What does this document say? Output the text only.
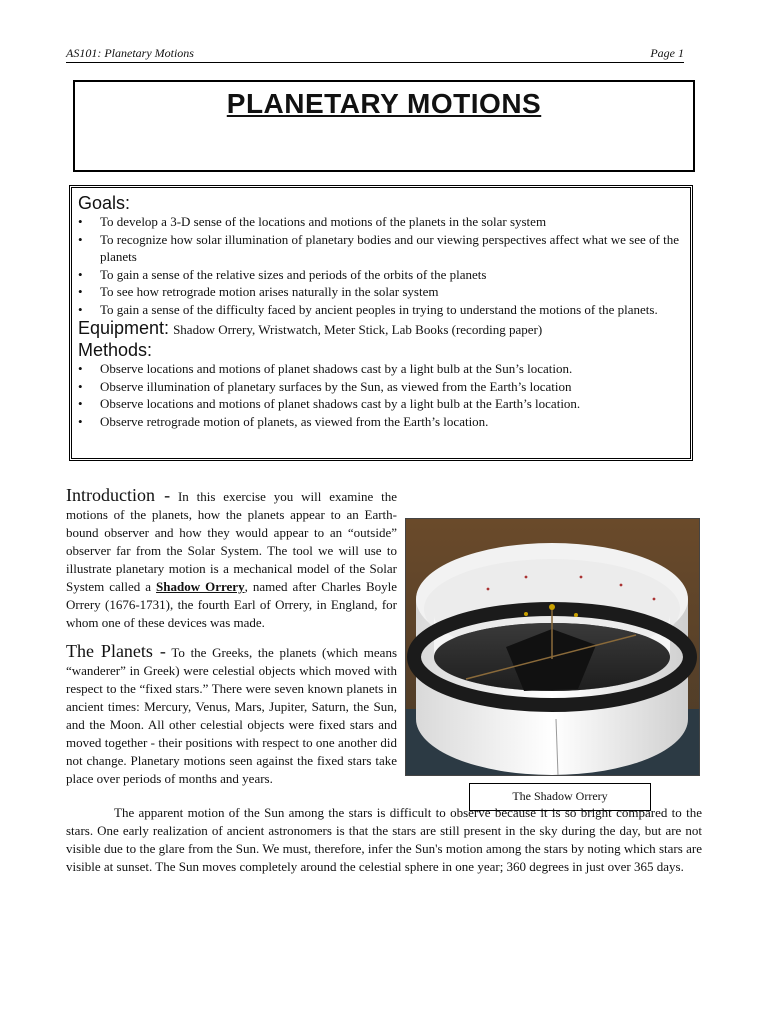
AS101: Planetary Motions	Page 1
PLANETARY MOTIONS
Goals:
• To develop a 3-D sense of the locations and motions of the planets in the solar system
• To recognize how solar illumination of planetary bodies and our viewing perspectives affect what we see of the planets
• To gain a sense of the relative sizes and periods of the orbits of the planets
• To see how retrograde motion arises naturally in the solar system
• To gain a sense of the difficulty faced by ancient peoples in trying to understand the motions of the planets.
Equipment: Shadow Orrery, Wristwatch, Meter Stick, Lab Books (recording paper)
Methods:
• Observe locations and motions of planet shadows cast by a light bulb at the Sun’s location.
• Observe illumination of planetary surfaces by the Sun, as viewed from the Earth’s location
• Observe locations and motions of planet shadows cast by a light bulb at the Earth’s location.
• Observe retrograde motion of planets, as viewed from the Earth’s location.
The Shadow Orrery

Introduction - In this exercise you will examine the motions of the planets, how the planets appear to an Earth-bound observer and how they would appear to an “outside” observer far from the Solar System. The tool we will use to illustrate planetary motion is a mechanical model of the Solar System called a Shadow Orrery, named after Charles Boyle Orrery (1676-1731), the fourth Earl of Orrery, in England, for whom one of these devices was made.

The Planets - To the Greeks, the planets (which means “wanderer” in Greek) were celestial objects which moved with respect to the “fixed stars.” There were seven known planets in ancient times: Mercury, Venus, Mars, Jupiter, Saturn, the Sun, and the Moon. All other celestial objects were fixed stars and moved together - their positions with respect to one another did not change. Planetary motions seen against the fixed stars take place over periods of months and years.

The apparent motion of the Sun among the stars is difficult to observe because it is so bright compared to the stars. One early realization of ancient astronomers is that the stars are still present in the sky during the day, but are not visible due to the glare from the Sun. We must, therefore, infer the Sun's motion among the stars by noting which stars are visible at sunset. The Sun moves completely around the celestial sphere in one year; 360 degrees in just over 365 days.
